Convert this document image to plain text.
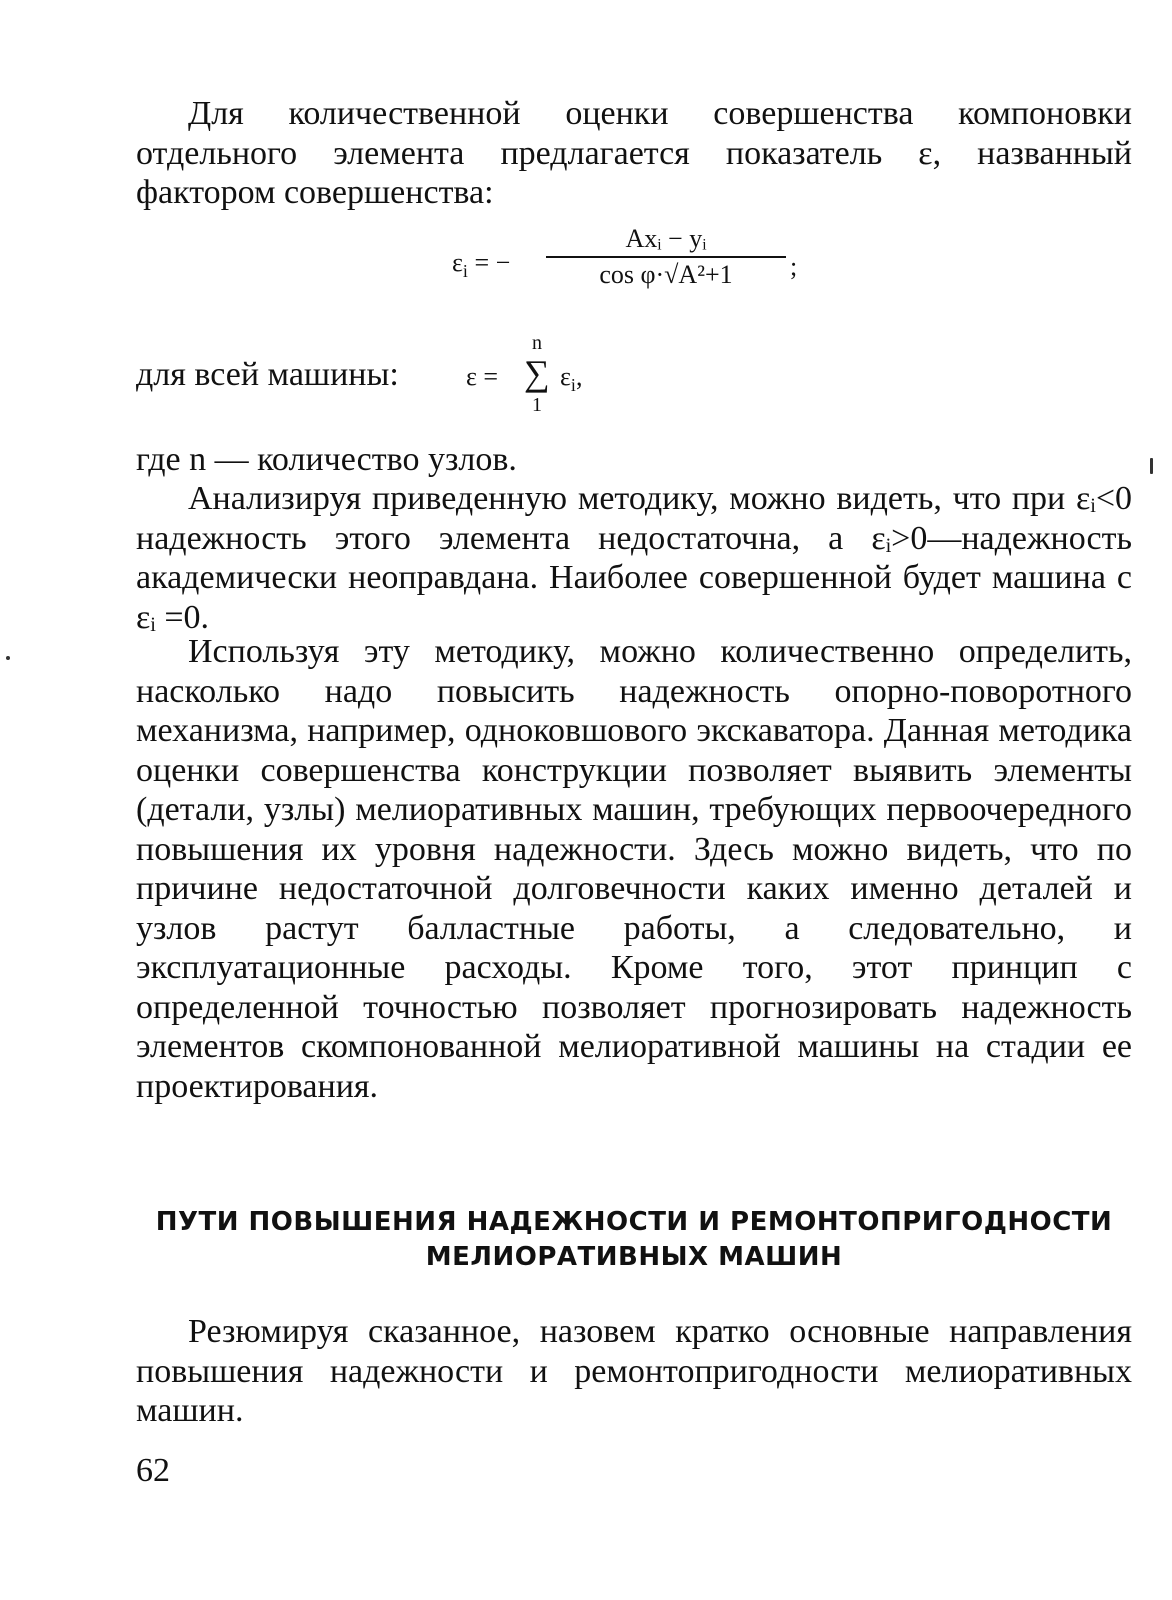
Для количественной оценки совершенства компоновки отдельного элемента предлагается показатель ε, названный фактором совершенства:

$\varepsilon_i$ = −
Axᵢ − yᵢ
cos φ·√A²+1	;
для всей машины:	ε =
n
∑
1
$\varepsilon_i$,

где n — количество узлов.

Анализируя приведенную методику, можно видеть, что при εᵢ<0 надежность этого элемента недостаточна, а εᵢ>0—надежность академически неоправдана. Наиболее совершенной будет машина с εᵢ =0.

Используя эту методику, можно количественно определить, насколько надо повысить надежность опорно-поворотного механизма, например, одноковшового экскаватора. Данная методика оценки совершенства конструкции позволяет выявить элементы (детали, узлы) мелиоративных машин, требующих первоочередного повышения их уровня надежности. Здесь можно видеть, что по причине недостаточной долговечности каких именно деталей и узлов растут балластные работы, а следовательно, и эксплуатационные расходы. Кроме того, этот принцип с определенной точностью позволяет прогнозировать надежность элементов скомпонованной мелиоративной машины на стадии ее проектирования.

ПУТИ ПОВЫШЕНИЯ НАДЕЖНОСТИ И РЕМОНТОПРИГОДНОСТИ
МЕЛИОРАТИВНЫХ МАШИН

Резюмируя сказанное, назовем кратко основные направления повышения надежности и ремонтопригодности мелиоративных машин.

62
